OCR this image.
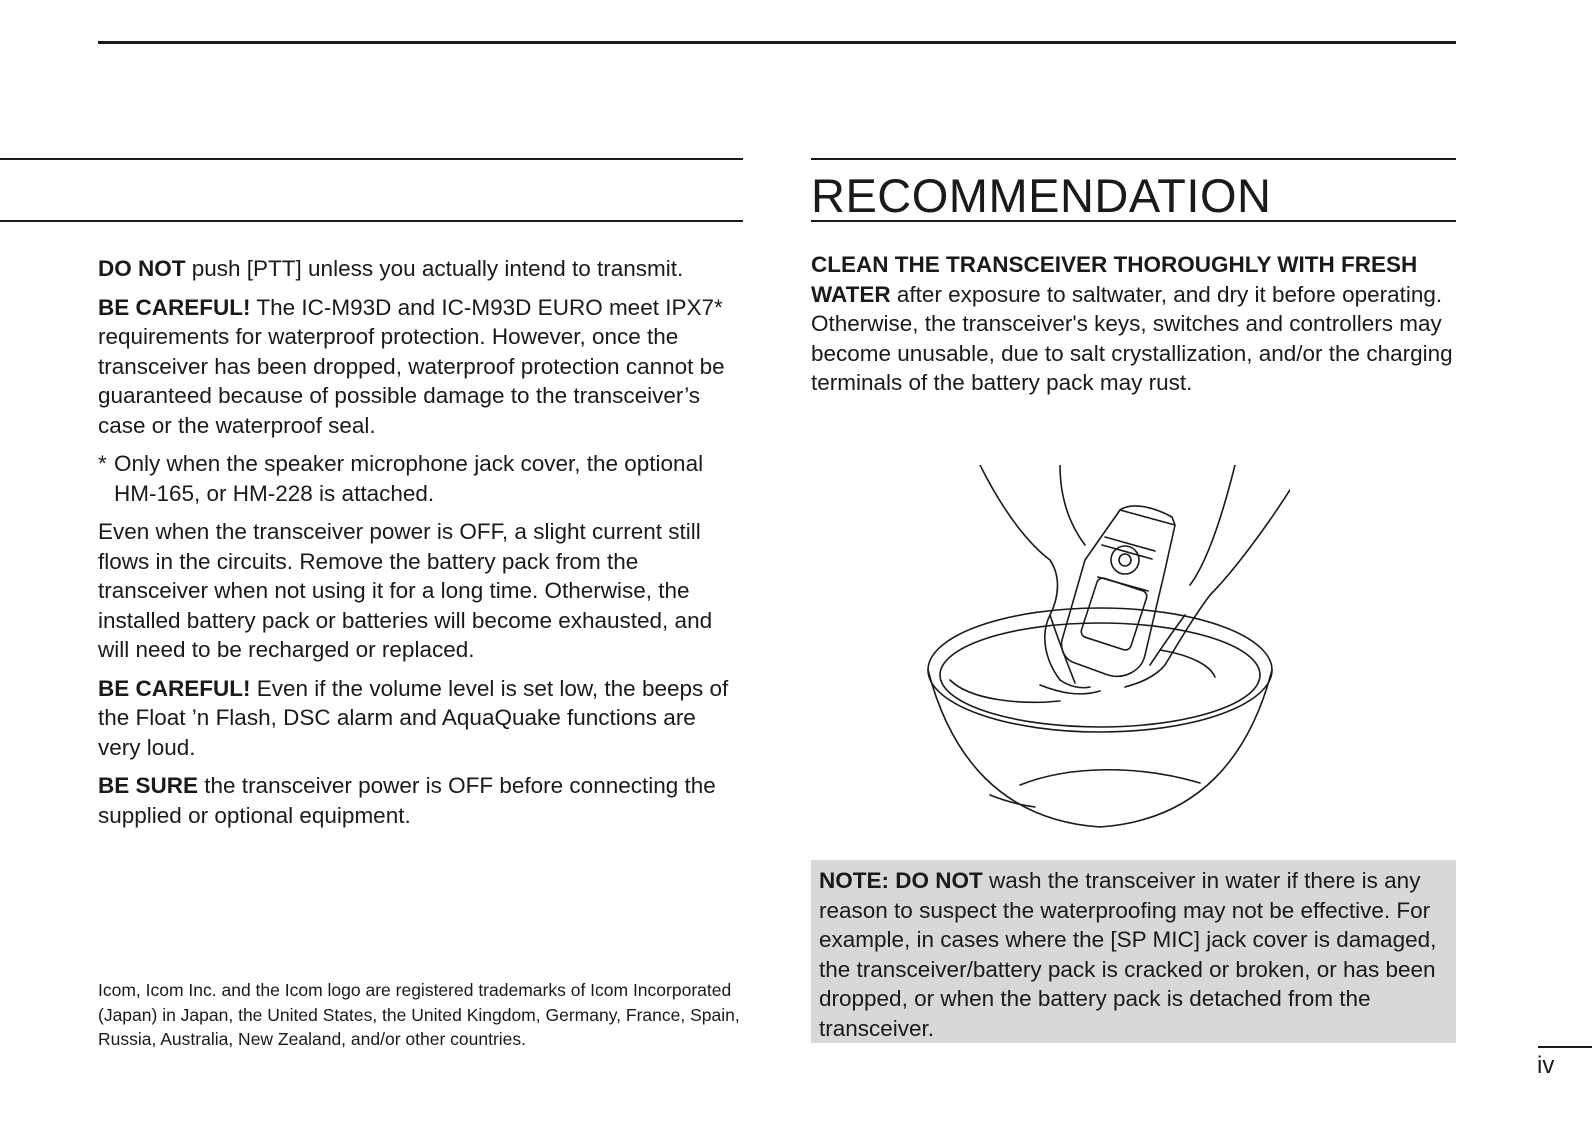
DO NOT push [PTT] unless you actually intend to transmit.

BE CAREFUL! The IC-M93D and IC-M93D EURO meet IPX7* requirements for waterproof protection. However, once the transceiver has been dropped, waterproof protection cannot be guaranteed because of possible damage to the transceiver’s case or the waterproof seal.

* Only when the speaker microphone jack cover, the optional HM-165, or HM-228 is attached.

Even when the transceiver power is OFF, a slight current still flows in the circuits. Remove the battery pack from the transceiver when not using it for a long time. Otherwise, the installed battery pack or batteries will become exhausted, and will need to be recharged or replaced.

BE CAREFUL! Even if the volume level is set low, the beeps of the Float ’n Flash, DSC alarm and AquaQuake functions are very loud.

BE SURE the transceiver power is OFF before connecting the supplied or optional equipment.

Icom, Icom Inc. and the Icom logo are registered trademarks of Icom Incorporated (Japan) in Japan, the United States, the United Kingdom, Germany, France, Spain, Russia, Australia, New Zealand, and/or other countries.
RECOMMENDATION

CLEAN THE TRANSCEIVER THOROUGHLY WITH FRESH WATER after exposure to saltwater, and dry it before operating. Otherwise, the transceiver's keys, switches and controllers may become unusable, due to salt crystallization, and/or the charging terminals of the battery pack may rust.

NOTE: DO NOT wash the transceiver in water if there is any reason to suspect the waterproofing may not be effective. For example, in cases where the [SP MIC] jack cover is damaged, the transceiver/battery pack is cracked or broken, or has been dropped, or when the battery pack is detached from the transceiver.
iv
